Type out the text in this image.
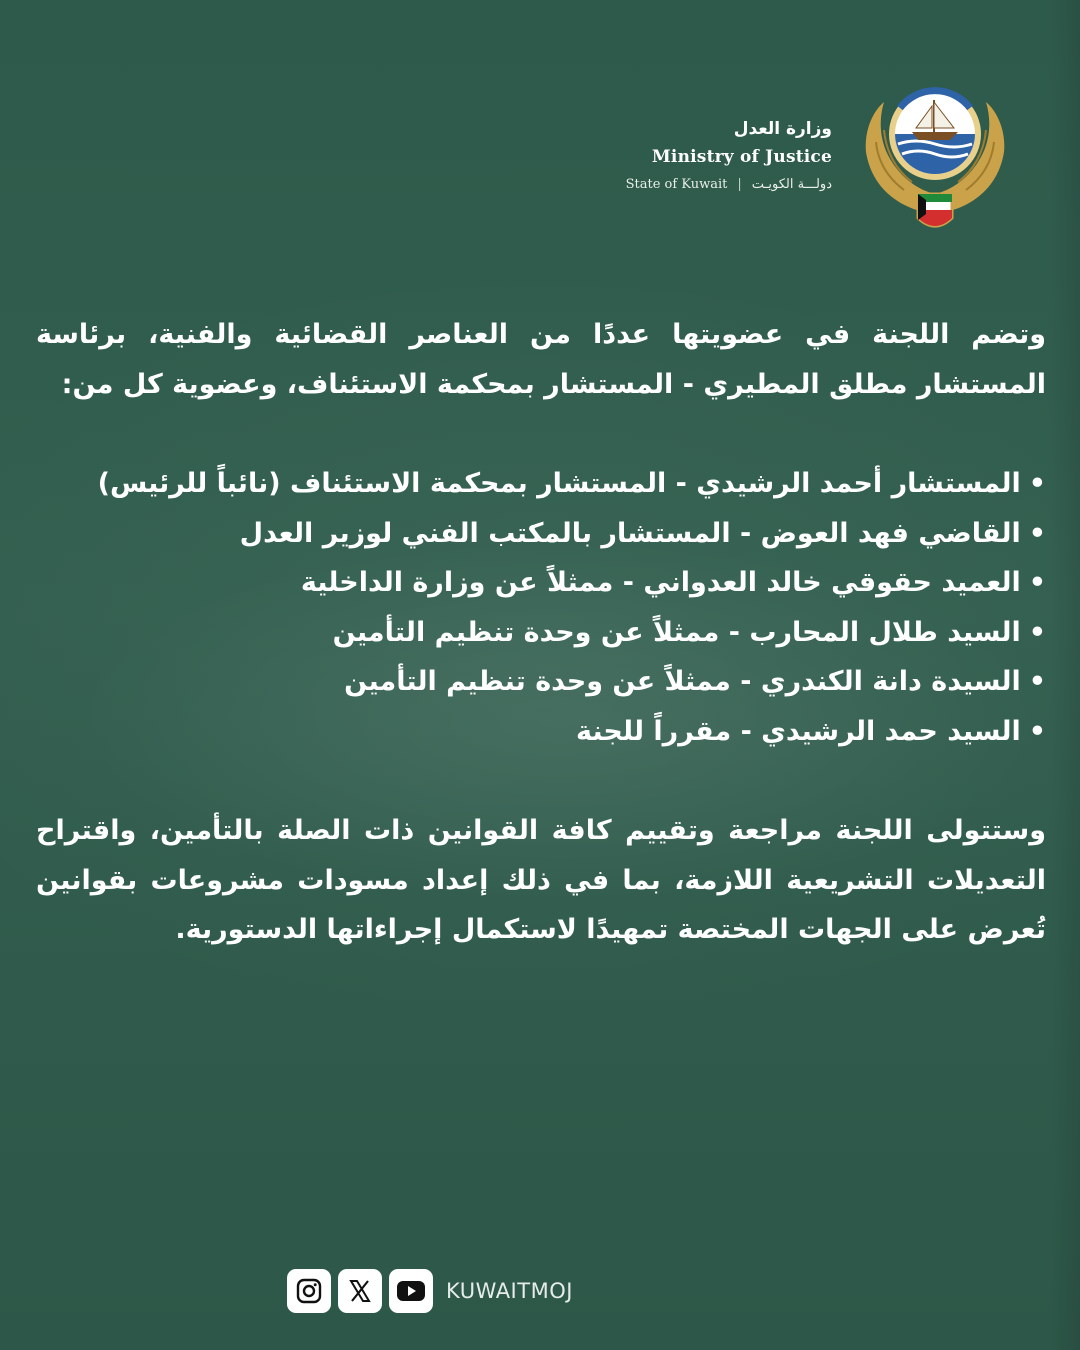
وزارة العدل
Ministry of Justice
State of Kuwait | دولـــة الكويـت

وتضم اللجنة في عضويتها عددًا من العناصر القضائية والفنية، برئاسة المستشار مطلق المطيري - المستشار بمحكمة الاستئناف، وعضوية كل من:

•المستشار أحمد الرشيدي - المستشار بمحكمة الاستئناف (نائباً للرئيس)
•القاضي فهد العوض - المستشار بالمكتب الفني لوزير العدل
•العميد حقوقي خالد العدواني - ممثلاً عن وزارة الداخلية
•السيد طلال المحارب - ممثلاً عن وحدة تنظيم التأمين
•السيدة دانة الكندري - ممثلاً عن وحدة تنظيم التأمين
•السيد حمد الرشيدي - مقرراً للجنة

وستتولى اللجنة مراجعة وتقييم كافة القوانين ذات الصلة بالتأمين، واقتراح التعديلات التشريعية اللازمة، بما في ذلك إعداد مسودات مشروعات بقوانين تُعرض على الجهات المختصة تمهيدًا لاستكمال إجراءاتها الدستورية.

KUWAITMOJ
